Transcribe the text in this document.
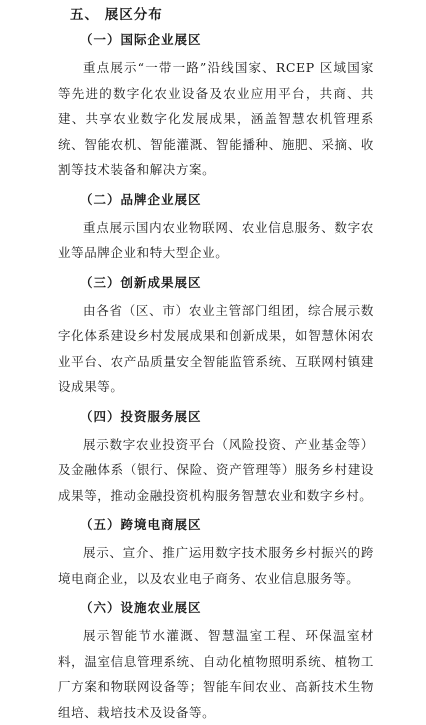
五、 展区分布
（一）国际企业展区
重点展示“一带一路”沿线国家、RCEP 区域国家等先进的数字化农业设备及农业应用平台，共商、共建、共享农业数字化发展成果，涵盖智慧农机管理系统、智能农机、智能灌溉、智能播种、施肥、采摘、收割等技术装备和解决方案。
（二）品牌企业展区
重点展示国内农业物联网、农业信息服务、数字农业等品牌企业和特大型企业。
（三）创新成果展区
由各省（区、市）农业主管部门组团，综合展示数字化体系建设乡村发展成果和创新成果，如智慧休闲农业平台、农产品质量安全智能监管系统、互联网村镇建设成果等。
（四）投资服务展区
展示数字农业投资平台（风险投资、产业基金等）及金融体系（银行、保险、资产管理等）服务乡村建设成果等，推动金融投资机构服务智慧农业和数字乡村。
（五）跨境电商展区
展示、宣介、推广运用数字技术服务乡村振兴的跨境电商企业，以及农业电子商务、农业信息服务等。
（六）设施农业展区
展示智能节水灌溉、智慧温室工程、环保温室材料，温室信息管理系统、自动化植物照明系统、植物工厂方案和物联网设备等；智能车间农业、高新技术生物组培、栽培技术及设备等。
